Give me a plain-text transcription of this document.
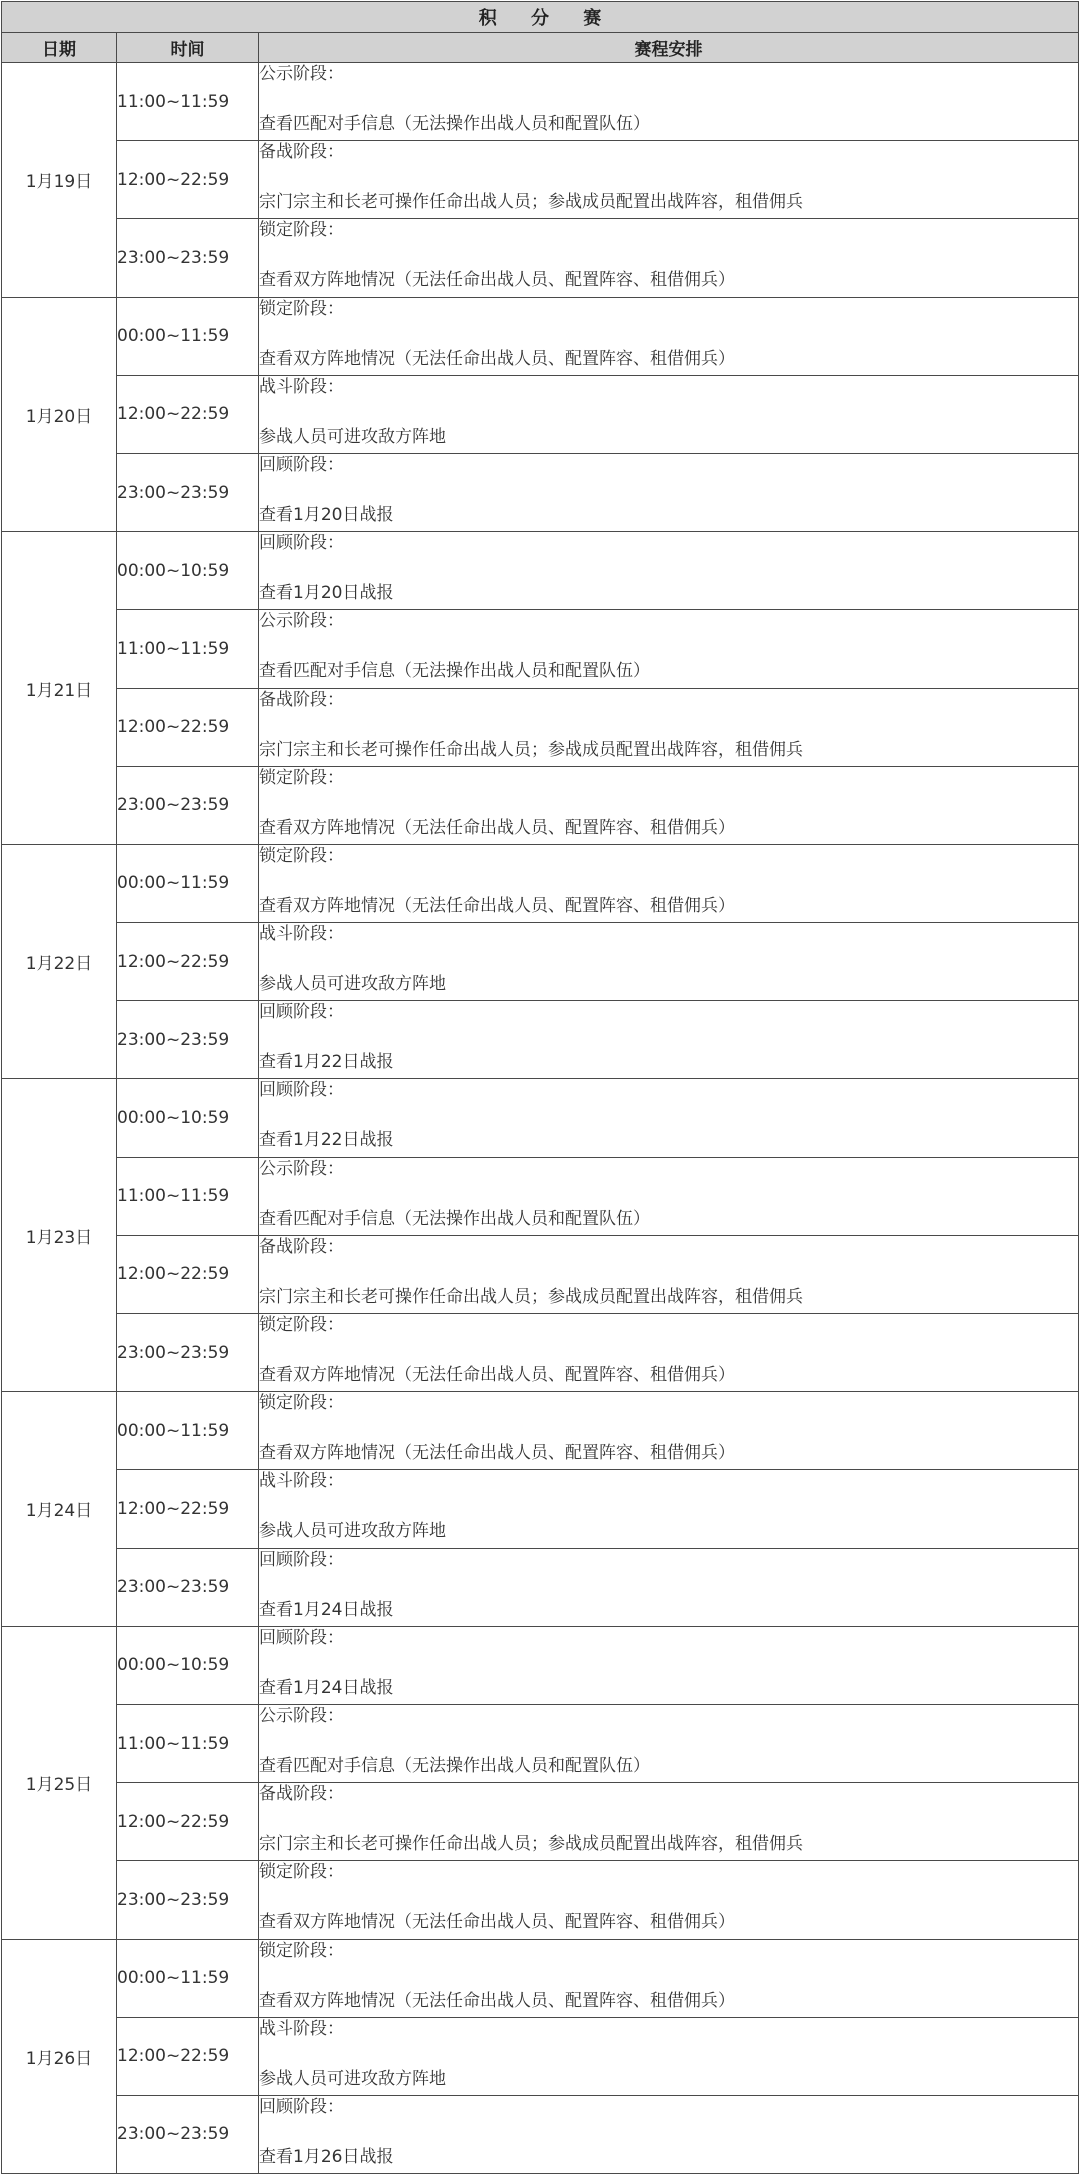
积 分 赛		
日期	时间	赛程安排
1月19日	11:00~11:59	公示阶段：
查看匹配对手信息（无法操作出战人员和配置队伍）

	12:00~22:59	备战阶段：
宗门宗主和长老可操作任命出战人员；参战成员配置出战阵容，租借佣兵

	23:00~23:59	锁定阶段：
查看双方阵地情况（无法任命出战人员、配置阵容、租借佣兵）

1月20日	00:00~11:59	锁定阶段：
查看双方阵地情况（无法任命出战人员、配置阵容、租借佣兵）

	12:00~22:59	战斗阶段：
参战人员可进攻敌方阵地

	23:00~23:59	回顾阶段：
查看1月20日战报

1月21日	00:00~10:59	回顾阶段：
查看1月20日战报

	11:00~11:59	公示阶段：
查看匹配对手信息（无法操作出战人员和配置队伍）

	12:00~22:59	备战阶段：
宗门宗主和长老可操作任命出战人员；参战成员配置出战阵容，租借佣兵

	23:00~23:59	锁定阶段：
查看双方阵地情况（无法任命出战人员、配置阵容、租借佣兵）

1月22日	00:00~11:59	锁定阶段：
查看双方阵地情况（无法任命出战人员、配置阵容、租借佣兵）

	12:00~22:59	战斗阶段：
参战人员可进攻敌方阵地

	23:00~23:59	回顾阶段：
查看1月22日战报

1月23日	00:00~10:59	回顾阶段：
查看1月22日战报

	11:00~11:59	公示阶段：
查看匹配对手信息（无法操作出战人员和配置队伍）

	12:00~22:59	备战阶段：
宗门宗主和长老可操作任命出战人员；参战成员配置出战阵容，租借佣兵

	23:00~23:59	锁定阶段：
查看双方阵地情况（无法任命出战人员、配置阵容、租借佣兵）

1月24日	00:00~11:59	锁定阶段：
查看双方阵地情况（无法任命出战人员、配置阵容、租借佣兵）

	12:00~22:59	战斗阶段：
参战人员可进攻敌方阵地

	23:00~23:59	回顾阶段：
查看1月24日战报

1月25日	00:00~10:59	回顾阶段：
查看1月24日战报

	11:00~11:59	公示阶段：
查看匹配对手信息（无法操作出战人员和配置队伍）

	12:00~22:59	备战阶段：
宗门宗主和长老可操作任命出战人员；参战成员配置出战阵容，租借佣兵

	23:00~23:59	锁定阶段：
查看双方阵地情况（无法任命出战人员、配置阵容、租借佣兵）

1月26日	00:00~11:59	锁定阶段：
查看双方阵地情况（无法任命出战人员、配置阵容、租借佣兵）

	12:00~22:59	战斗阶段：
参战人员可进攻敌方阵地

	23:00~23:59	回顾阶段：
查看1月26日战报
